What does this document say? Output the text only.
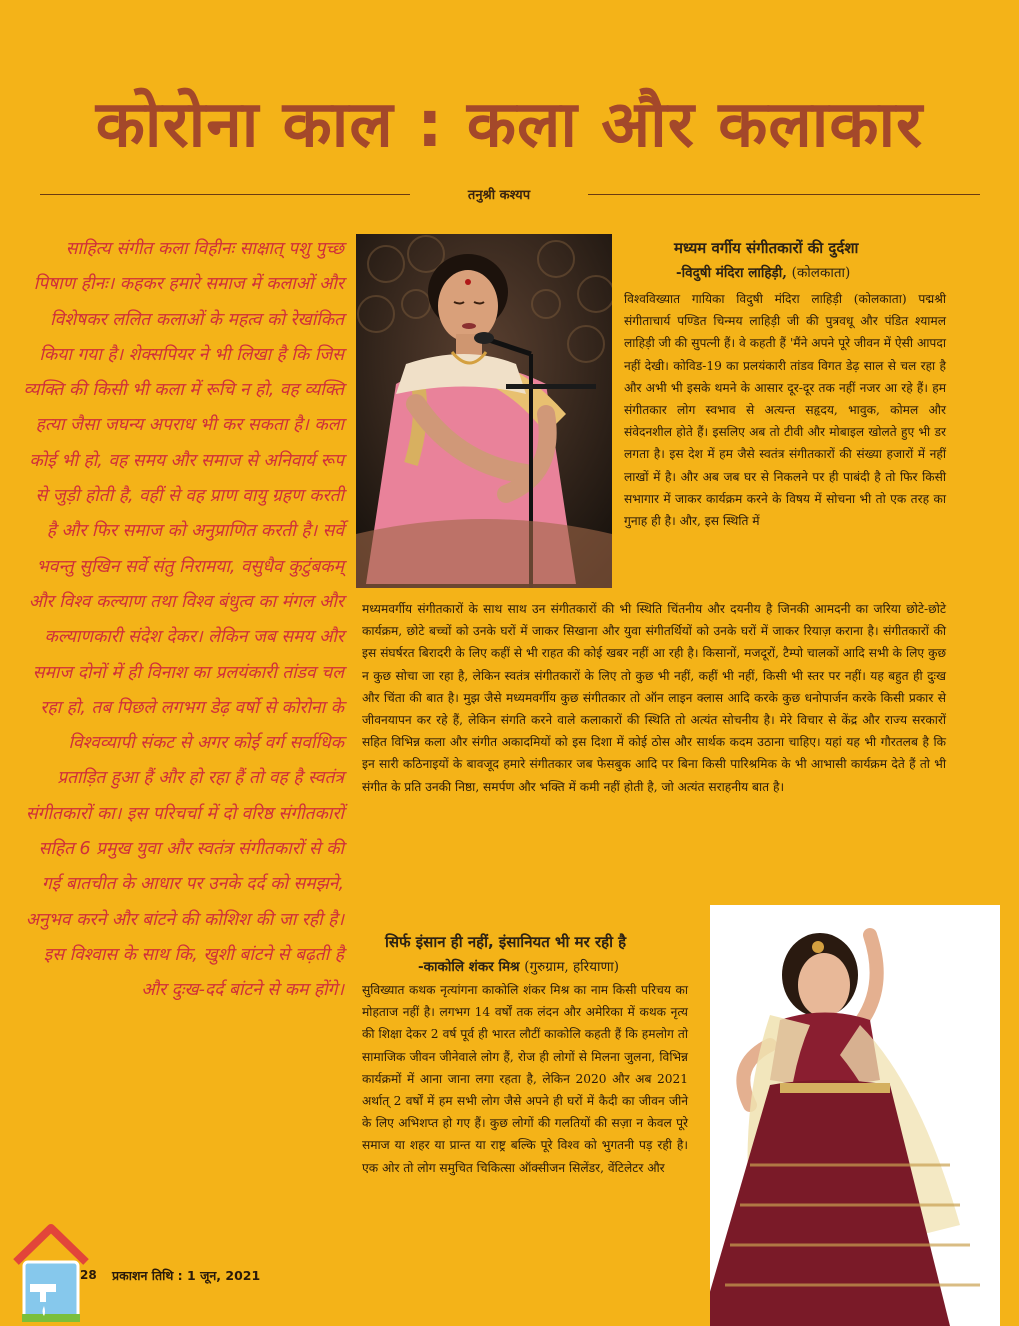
कोरोना काल : कला और कलाकार
तनुश्री कश्यप

साहित्य संगीत कला विहीनः साक्षात् पशु पुच्छ पिषाण हीनः। कहकर हमारे समाज में कलाओं और विशेषकर ललित कलाओं के महत्व को रेखांकित किया गया है। शेक्सपियर ने भी लिखा है कि जिस व्यक्ति की किसी भी कला में रूचि न हो, वह व्यक्ति हत्या जैसा जघन्य अपराध भी कर सकता है। कला कोई भी हो, वह समय और समाज से अनिवार्य रूप से जुड़ी होती है, वहीं से वह प्राण वायु ग्रहण करती है और फिर समाज को अनुप्राणित करती है। सर्वे भवन्तु सुखिन सर्वे संतु निरामया, वसुधैव कुटुंबकम् और विश्व कल्याण तथा विश्व बंधुत्व का मंगल और कल्याणकारी संदेश देकर। लेकिन जब समय और समाज दोनों में ही विनाश का प्रलयंकारी तांडव चल रहा हो, तब पिछले लगभग डेढ़ वर्षो से कोरोना के विश्वव्यापी संकट से अगर कोई वर्ग सर्वाधिक प्रताड़ित हुआ हैं और हो रहा हैं तो वह है स्वतंत्र संगीतकारों का। इस परिचर्चा में दो वरिष्ठ संगीतकारों सहित 6 प्रमुख युवा और स्वतंत्र संगीतकारों से की गई बातचीत के आधार पर उनके दर्द को समझने, अनुभव करने और बांटने की कोशिश की जा रही है। इस विश्वास के साथ कि, खुशी बांटने से बढ़ती है और दुःख-दर्द बांटने से कम होंगे।

मध्यम वर्गीय संगीतकारों की दुर्दशा
-विदुषी मंदिरा लाहिड़ी, (कोलकाता)
विश्वविख्यात गायिका विदुषी मंदिरा लाहिड़ी (कोलकाता) पद्मश्री संगीताचार्य पण्डित चिन्मय लाहिड़ी जी की पुत्रवधू और पंडित श्यामल लाहिड़ी जी की सुपत्नी हैं। वे कहती हैं 'मैंने अपने पूरे जीवन में ऐसी आपदा नहीं देखी। कोविड-19 का प्रलयंकारी तांडव विगत डेढ़ साल से चल रहा है और अभी भी इसके थमने के आसार दूर-दूर तक नहीं नजर आ रहे हैं। हम संगीतकार लोग स्वभाव से अत्यन्त सहृदय, भावुक, कोमल और संवेदनशील होते हैं। इसलिए अब तो टीवी और मोबाइल खोलते हुए भी डर लगता है। इस देश में हम जैसे स्वतंत्र संगीतकारों की संख्या हजारों में नहीं लाखों में है। और अब जब घर से निकलने पर ही पाबंदी है तो फिर किसी सभागार में जाकर कार्यक्रम करने के विषय में सोचना भी तो एक तरह का गुनाह ही है। और, इस स्थिति में
मध्यमवर्गीय संगीतकारों के साथ साथ उन संगीतकारों की भी स्थिति चिंतनीय और दयनीय है जिनकी आमदनी का जरिया छोटे-छोटे कार्यक्रम, छोटे बच्चों को उनके घरों में जाकर सिखाना और युवा संगीतर्थियों को उनके घरों में जाकर रियाज़ कराना है। संगीतकारों की इस संघर्षरत बिरादरी के लिए कहीं से भी राहत की कोई खबर नहीं आ रही है। किसानों, मजदूरों, टैम्पो चालकों आदि सभी के लिए कुछ न कुछ सोचा जा रहा है, लेकिन स्वतंत्र संगीतकारों के लिए तो कुछ भी नहीं, कहीं भी नहीं, किसी भी स्तर पर नहीं। यह बहुत ही दुःख और चिंता की बात है। मुझ जैसे मध्यमवर्गीय कुछ संगीतकार तो ऑन लाइन क्लास आदि करके कुछ धनोपार्जन करके किसी प्रकार से जीवनयापन कर रहे हैं, लेकिन संगति करने वाले कलाकारों की स्थिति तो अत्यंत सोचनीय है। मेरे विचार से केंद्र और राज्य सरकारों सहित विभिन्न कला और संगीत अकादमियों को इस दिशा में कोई ठोस और सार्थक कदम उठाना चाहिए। यहां यह भी गौरतलब है कि इन सारी कठिनाइयों के बावजूद हमारे संगीतकार जब फेसबुक आदि पर बिना किसी पारिश्रमिक के भी आभासी कार्यक्रम देते हैं तो भी संगीत के प्रति उनकी निष्ठा, समर्पण और भक्ति में कमी नहीं होती है, जो अत्यंत सराहनीय बात है।
सिर्फ इंसान ही नहीं, इंसानियत भी मर रही है
-काकोलि शंकर मिश्र (गुरुग्राम, हरियाणा)
सुविख्यात कथक नृत्यांगना काकोलि शंकर मिश्र का नाम किसी परिचय का मोहताज नहीं है। लगभग 14 वर्षों तक लंदन और अमेरिका में कथक नृत्य की शिक्षा देकर 2 वर्ष पूर्व ही भारत लौटीं काकोलि कहती हैं कि हमलोग तो सामाजिक जीवन जीनेवाले लोग हैं, रोज ही लोगों से मिलना जुलना, विभिन्न कार्यक्रमों में आना जाना लगा रहता है, लेकिन 2020 और अब 2021 अर्थात् 2 वर्षों में हम सभी लोग जैसे अपने ही घरों में कैदी का जीवन जीने के लिए अभिशप्त हो गए हैं। कुछ लोगों की गलतियों की सज़ा न केवल पूरे समाज या शहर या प्रान्त या राष्ट्र बल्कि पूरे विश्व को भुगतनी पड़ रही है। एक ओर तो लोग समुचित चिकित्सा ऑक्सीजन सिलेंडर, वेंटिलेटर और
28 प्रकाशन तिथि : 1 जून, 2021
